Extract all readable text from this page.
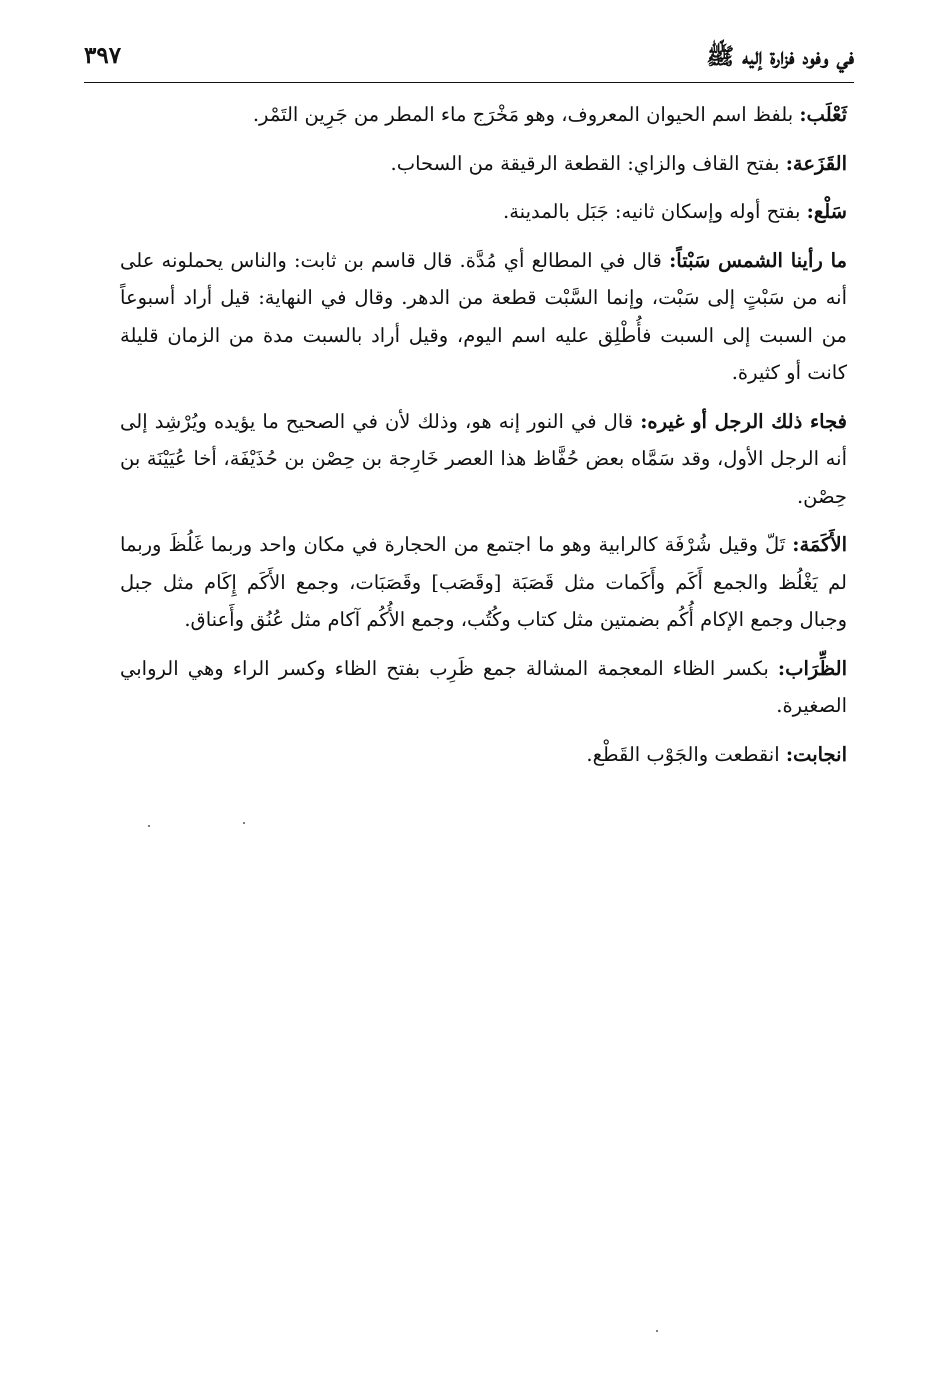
في وفود فزارة إليه ﷺ
٣٩٧

ثَعْلَب: بلفظ اسم الحيوان المعروف، وهو مَخْرَج ماء المطر من جَرِين التَمْر.

القَزَعة: بفتح القاف والزاي: القطعة الرقيقة من السحاب.

سَلْع: بفتح أوله وإسكان ثانيه: جَبَل بالمدينة.

ما رأينا الشمس سَبْتاً: قال في المطالع أي مُدَّة. قال قاسم بن ثابت: والناس يحملونه على أنه من سَبْتٍ إلى سَبْت، وإنما السَّبْت قطعة من الدهر. وقال في النهاية: قيل أراد أسبوعاً من السبت إلى السبت فأُطْلِق عليه اسم اليوم، وقيل أراد بالسبت مدة من الزمان قليلة كانت أو كثيرة.

فجاء ذلك الرجل أو غيره: قال في النور إنه هو، وذلك لأن في الصحيح ما يؤيده ويُرْشِد إلى أنه الرجل الأول، وقد سَمَّاه بعض حُفَّاظ هذا العصر خَارِجة بن حِصْن بن حُذَيْفَة، أخا عُيَيْنَة بن حِصْن.

الأَكَمَة: تَلّ وقيل شُرْفَة كالرابية وهو ما اجتمع من الحجارة في مكان واحد وربما غَلُظَ وربما لم يَغْلُظ والجمع أَكَم وأَكَمات مثل قَصَبَة [وقَصَب] وقَصَبَات، وجمع الأَكَم إِكَام مثل جبل وجبال وجمع الإكام أُكُم بضمتين مثل كتاب وكُتُب، وجمع الأُكُم آكام مثل عُنُق وأَعناق.

الظِّرَاب: بكسر الظاء المعجمة المشالة جمع ظَرِب بفتح الظاء وكسر الراء وهي الروابي الصغيرة.

انجابت: انقطعت والجَوْب القَطْع.
